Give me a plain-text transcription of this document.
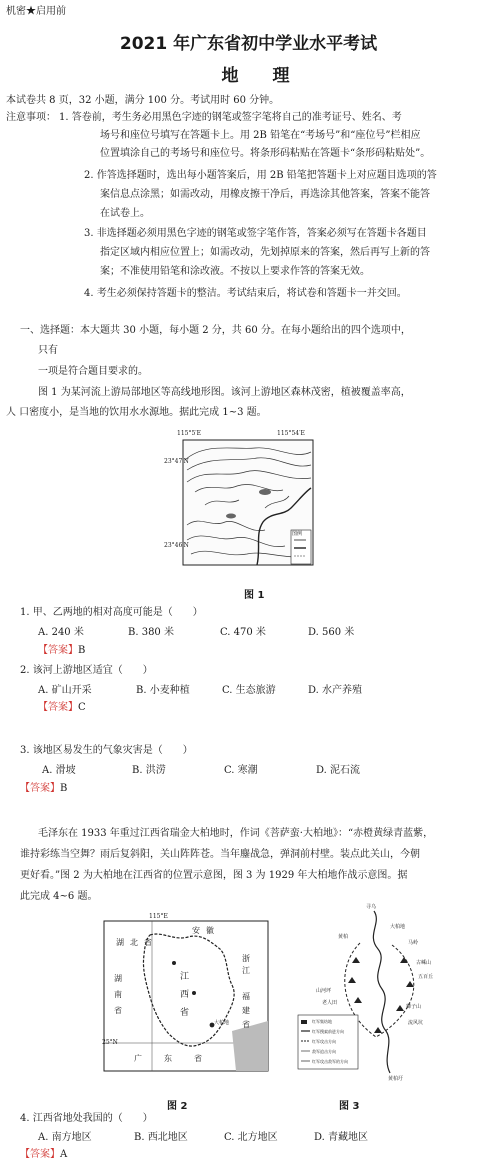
机密★启用前
2021 年广东省初中学业水平考试
地 理
本试卷共 8 页，32 小题，满分 100 分。考试用时 60 分钟。
注意事项： 1. 答卷前，考生务必用黑色字迹的钢笔或签字笔将自己的准考证号、姓名、考
场号和座位号填写在答题卡上。用 2B 铅笔在“考场号”和“座位号”栏相应
位置填涂自己的考场号和座位号。将条形码粘贴在答题卡“条形码粘贴处”。
2. 作答选择题时，选出每小题答案后，用 2B 铅笔把答题卡上对应题目选项的答
案信息点涂黑；如需改动，用橡皮擦干净后，再选涂其他答案，答案不能答
在试卷上。
3. 非选择题必须用黑色字迹的钢笔或签字笔作答，答案必须写在答题卡各题目
指定区域内相应位置上；如需改动，先划掉原来的答案，然后再写上新的答
案；不准使用铅笔和涂改液。不按以上要求作答的答案无效。
4. 考生必须保持答题卡的整洁。考试结束后，将试卷和答题卡一并交回。
一、选择题：本大题共 30 小题，每小题 2 分，共 60 分。在每小题给出的四个选项中，
只有
一项是符合题目要求的。
图 1 为某河流上游局部地区等高线地形图。该河上游地区森林茂密，植被覆盖率高，
人 口密度小，是当地的饮用水水源地。据此完成 1~3 题。
115°5′E	115°54′E
23°47′N
23°46′N
图例
图 1
1. 甲、乙两地的相对高度可能是（　　）
A. 240 米	B. 380 米	C. 470 米	D. 560 米
【答案】B
2. 该河上游地区适宜（　　）
A. 矿山开采	B. 小麦种植	C. 生态旅游	D. 水产养殖
【答案】C
3. 该地区易发生的气象灾害是（　　）
A. 滑坡	B. 洪涝	C. 寒潮	D. 泥石流
【答案】B
毛泽东在 1933 年重过江西省瑞金大柏地时，作词《菩萨蛮·大柏地》：“赤橙黄绿青蓝紫，
谁持彩练当空舞？雨后复斜阳，关山阵阵苍。当年鏖战急，弹洞前村壁。装点此关山，今朝
更好看。”图 2 为大柏地在江西省的位置示意图，图 3 为 1929 年大柏地作战示意图。据
此完成 4~6 题。
115°E
25°N
湖 北 省
安 徽
浙
江
湖
南
省
江
西
省
福
建
省
广	东	省
大柏地
图 2
寻乌
大柏地
黄柏
马岭
古嵊山
五百丘
山河坪
老人田
狮子山
流风坑
黄柏圩
红军集结地
红军搜索前进方向
红军攻击方向
敌军追击方向
红军攻击敌军的方向
图 3
4. 江西省地处我国的（　　）
A. 南方地区	B. 西北地区	C. 北方地区	D. 青藏地区
【答案】A
